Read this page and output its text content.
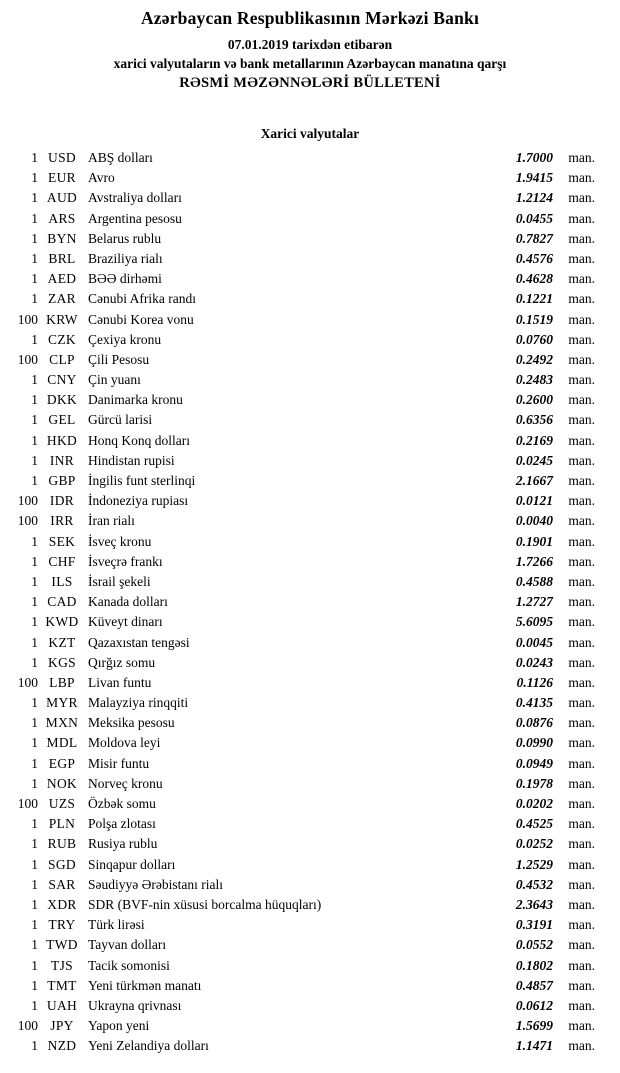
Azərbaycan Respublikasının Mərkəzi Bankı
07.01.2019 tarixdən etibarən
xarici valyutaların və bank metallarının Azərbaycan manatına qarşı
RƏSMİ MƏZƏNNƏLƏRİ BÜLLETENİ
Xarici valyutalar
1 USD ABŞ dolları	1.7000	man.
1 EUR Avro	1.9415	man.
1 AUD Avstraliya dolları	1.2124	man.
1 ARS Argentina pesosu	0.0455	man.
1 BYN Belarus rublu	0.7827	man.
1 BRL Braziliya rialı	0.4576	man.
1 AED BƏƏ dirhəmi	0.4628	man.
1 ZAR Cənubi Afrika randı	0.1221	man.
100 KRW Cənubi Korea vonu	0.1519	man.
1 CZK Çexiya kronu	0.0760	man.
100 CLP Çili Pesosu	0.2492	man.
1 CNY Çin yuanı	0.2483	man.
1 DKK Danimarka kronu	0.2600	man.
1 GEL Gürcü larisi	0.6356	man.
1 HKD Honq Konq dolları	0.2169	man.
1 INR	Hindistan rupisi	0.0245	man.
1 GBP İngilis funt sterlinqi	2.1667	man.
100 IDR	İndoneziya rupiası	0.0121	man.
100 IRR	İran rialı	0.0040	man.
1 SEK İsveç kronu	0.1901	man.
1 CHF İsveçrə frankı	1.7266	man.
1 ILS	İsrail şekeli	0.4588	man.
1 CAD Kanada dolları	1.2727	man.
1 KWD Küveyt dinarı	5.6095	man.
1 KZT Qazaxıstan tengəsi	0.0045	man.
1 KGS Qırğız somu	0.0243	man.
100 LBP Livan funtu	0.1126	man.
1 MYR Malayziya rinqqiti	0.4135	man.
1 MXN Meksika pesosu	0.0876	man.
1 MDL Moldova leyi	0.0990	man.
1 EGP Misir funtu	0.0949	man.
1 NOK Norveç kronu	0.1978	man.
100 UZS Özbək somu	0.0202	man.
1 PLN Polşa zlotası	0.4525	man.
1 RUB Rusiya rublu	0.0252	man.
1 SGD Sinqapur dolları	1.2529	man.
1 SAR Səudiyyə Ərəbistanı rialı	0.4532	man.
1 XDR SDR (BVF-nin xüsusi borcalma hüquqları)	2.3643	man.
1 TRY Türk lirəsi	0.3191	man.
1 TWD Tayvan dolları	0.0552	man.
1 TJS	Tacik somonisi	0.1802	man.
1 TMT Yeni türkmən manatı	0.4857	man.
1 UAH Ukrayna qrivnası	0.0612	man.
100 JPY	Yapon yeni	1.5699	man.
1 NZD Yeni Zelandiya dolları	1.1471	man.
